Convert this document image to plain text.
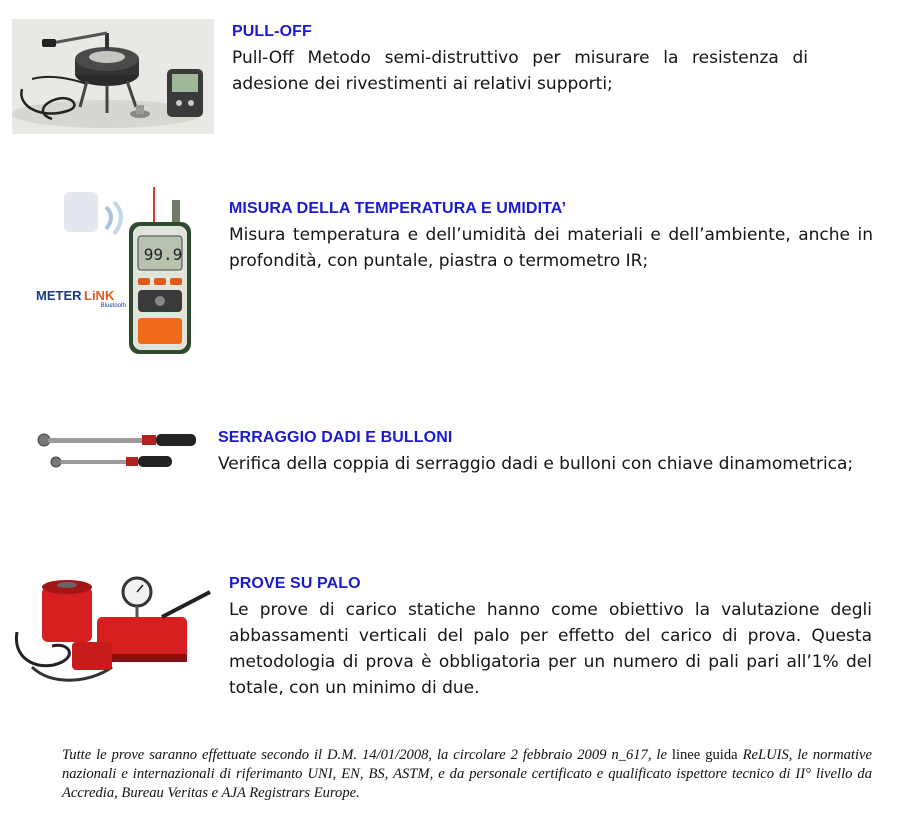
PULL-OFF

Pull-Off Metodo semi-distruttivo per misurare la resistenza di adesione dei rivestimenti ai relativi supporti;

METER LiNK
99.9
Bluetooth
MISURA DELLA TEMPERATURA E UMIDITA’

Misura temperatura e dell’umidità dei materiali e dell’ambiente, anche in profondità, con puntale, piastra o termometro IR;

SERRAGGIO DADI E BULLONI

Verifica della coppia di serraggio dadi e bulloni con chiave dinamometrica;

PROVE SU PALO

Le prove di carico statiche hanno come obiettivo la valutazione degli abbassamenti verticali del palo per effetto del carico di prova. Questa metodologia di prova è obbligatoria per un numero di pali pari all’1% del totale, con un minimo di due.

Tutte le prove saranno effettuate secondo il D.M. 14/01/2008, la circolare 2 febbraio 2009 n_617, le linee guida ReLUIS, le normative nazionali e internazionali di riferimanto UNI, EN, BS, ASTM, e da personale certificato e qualificato ispettore tecnico di II° livello da Accredia, Bureau Veritas e AJA Registrars Europe.
